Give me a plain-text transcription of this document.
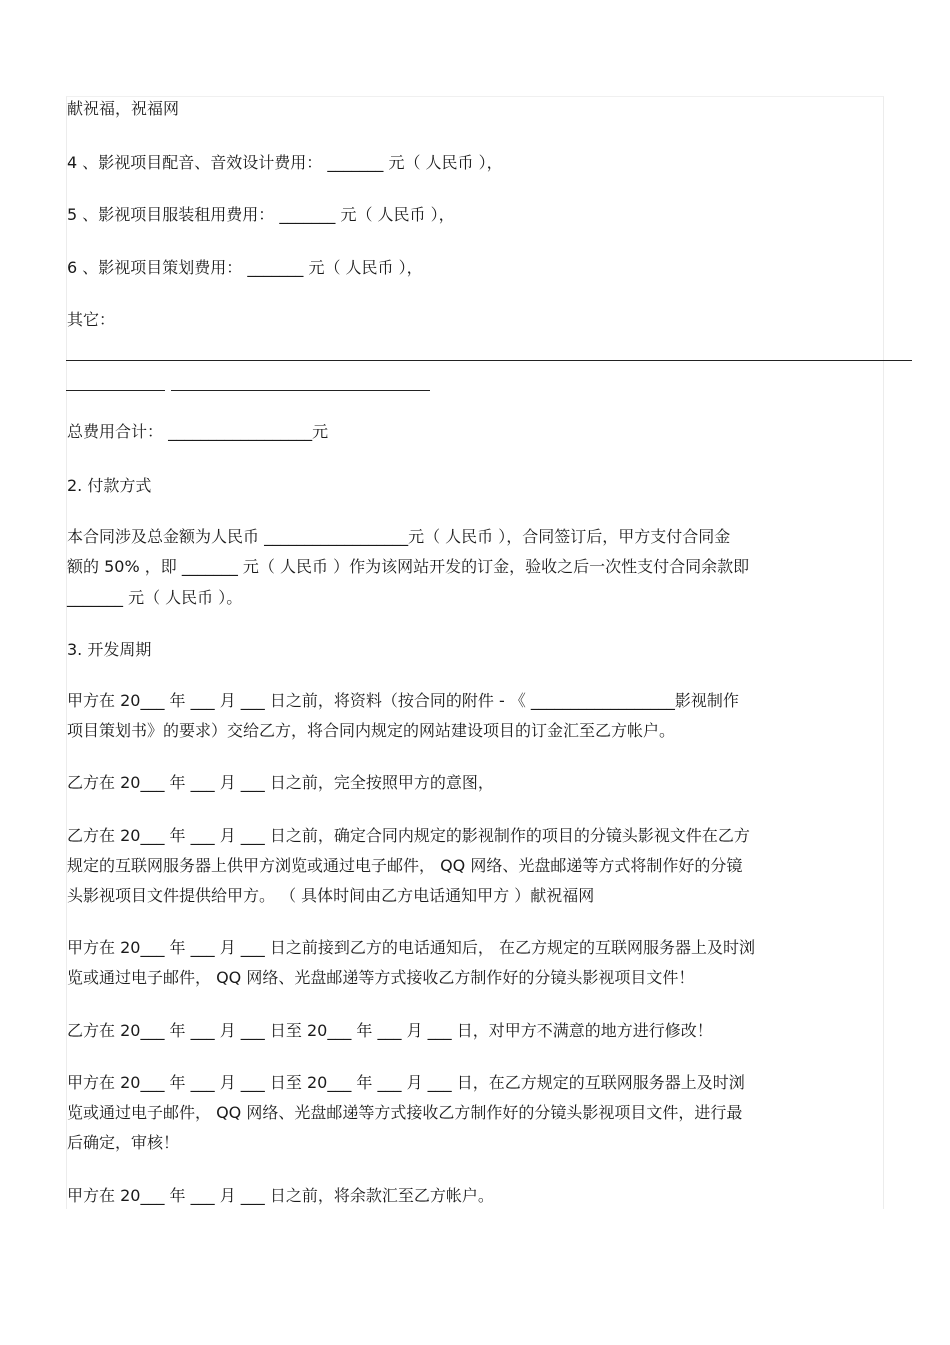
献祝福，祝福网
4 、影视项目配音、音效设计费用： _______ 元（ 人民币 ），
5 、影视项目服装租用费用： _______ 元（ 人民币 ），
6 、影视项目策划费用： _______ 元（ 人民币 ），
其它：
总费用合计： __________________元
2. 付款方式
本合同涉及总金额为人民币 __________________元（ 人民币 ），合同签订后，甲方支付合同金
额的 50% ，即 _______ 元（ 人民币 ）作为该网站开发的订金，验收之后一次性支付合同余款即
_______ 元（ 人民币 ）。
3. 开发周期
甲方在 20___ 年 ___ 月 ___ 日之前，将资料（按合同的附件 - 《 __________________影视制作
项目策划书》的要求）交给乙方，将合同内规定的网站建设项目的订金汇至乙方帐户。
乙方在 20___ 年 ___ 月 ___ 日之前，完全按照甲方的意图，
乙方在 20___ 年 ___ 月 ___ 日之前，确定合同内规定的影视制作的项目的分镜头影视文件在乙方
规定的互联网服务器上供甲方浏览或通过电子邮件， QQ 网络、光盘邮递等方式将制作好的分镜
头影视项目文件提供给甲方。 （ 具体时间由乙方电话通知甲方 ）献祝福网
甲方在 20___ 年 ___ 月 ___ 日之前接到乙方的电话通知后， 在乙方规定的互联网服务器上及时浏
览或通过电子邮件， QQ 网络、光盘邮递等方式接收乙方制作好的分镜头影视项目文件！
乙方在 20___ 年 ___ 月 ___ 日至 20___ 年 ___ 月 ___ 日，对甲方不满意的地方进行修改！
甲方在 20___ 年 ___ 月 ___ 日至 20___ 年 ___ 月 ___ 日，在乙方规定的互联网服务器上及时浏
览或通过电子邮件， QQ 网络、光盘邮递等方式接收乙方制作好的分镜头影视项目文件，进行最
后确定，审核！
甲方在 20___ 年 ___ 月 ___ 日之前，将余款汇至乙方帐户。
